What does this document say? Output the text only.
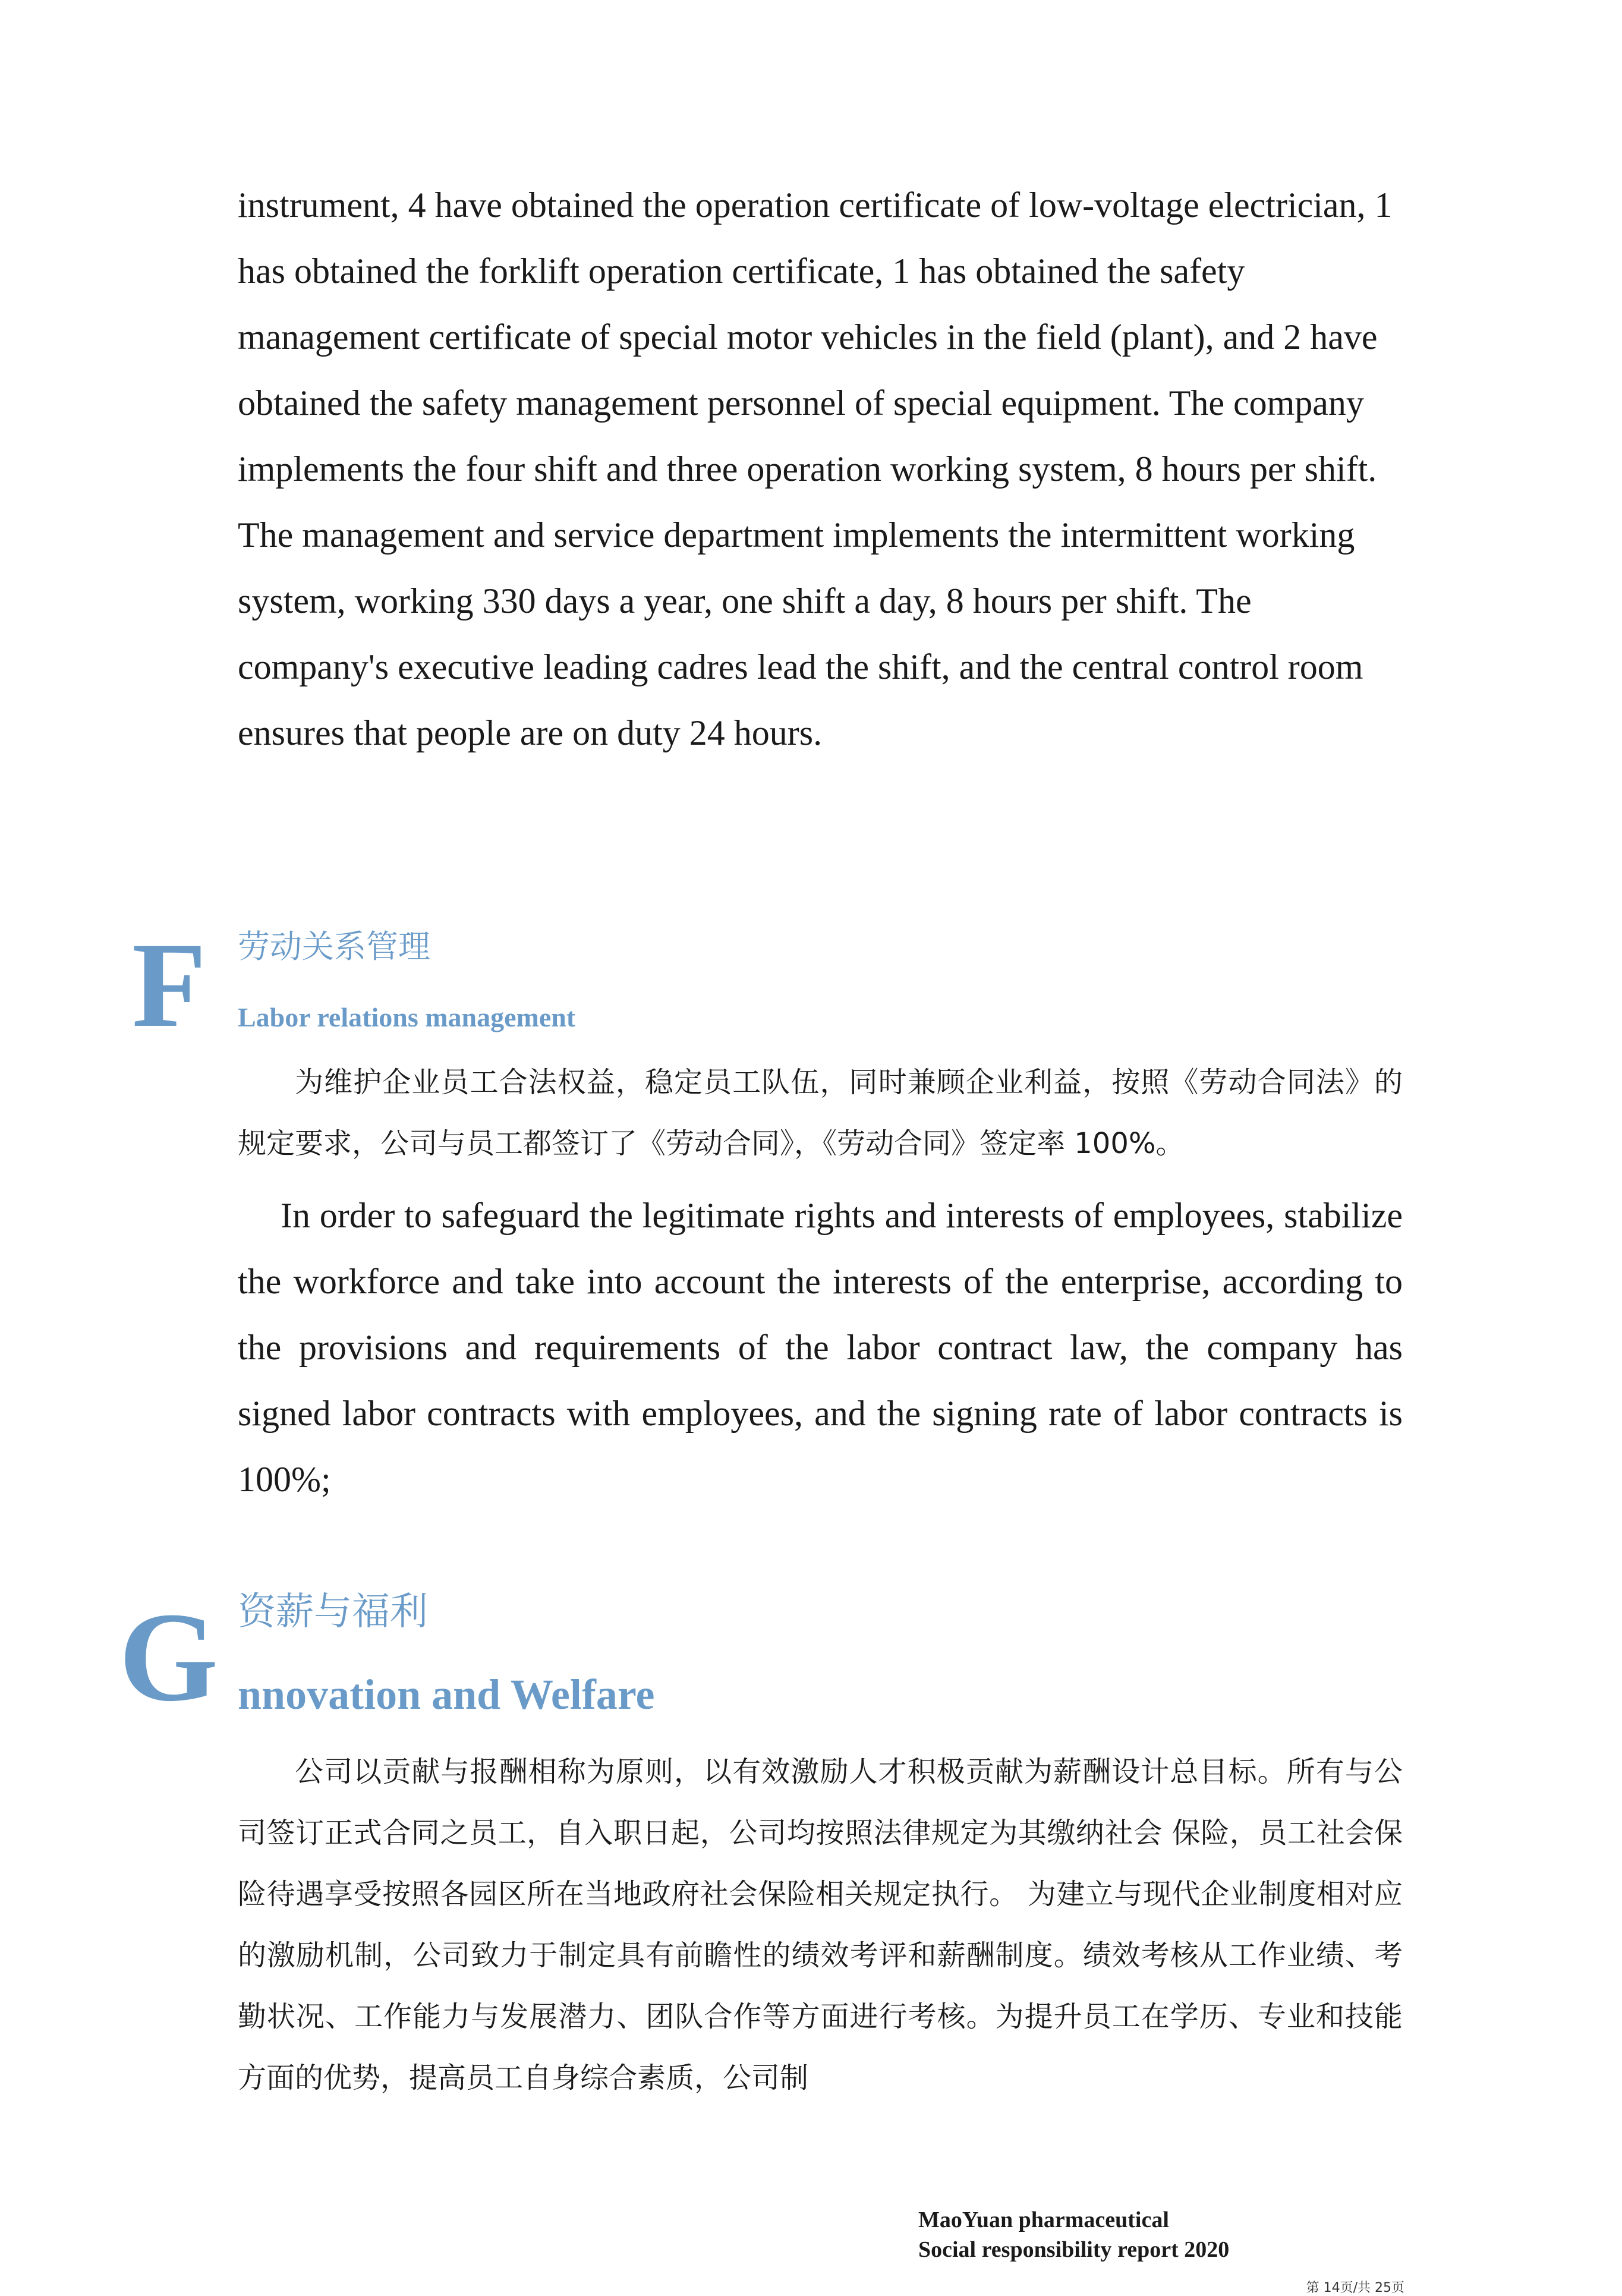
instrument, 4 have obtained the operation certificate of low-voltage electrician, 1 has obtained the forklift operation certificate, 1 has obtained the safety management certificate of special motor vehicles in the field (plant), and 2 have obtained the safety management personnel of special equipment. The company implements the four shift and three operation working system, 8 hours per shift. The management and service department implements the intermittent working system, working 330 days a year, one shift a day, 8 hours per shift. The company's executive leading cadres lead the shift, and the central control room ensures that people are on duty 24 hours.

F 劳动关系管理
Labor relations management

为维护企业员工合法权益，稳定员工队伍，同时兼顾企业利益，按照《劳动合同法》的规定要求，公司与员工都签订了《劳动合同》，《劳动合同》签定率 100%。

In order to safeguard the legitimate rights and interests of employees, stabilize the workforce and take into account the interests of the enterprise, according to the provisions and requirements of the labor contract law, the company has signed labor contracts with employees, and the signing rate of labor contracts is 100%;

G 资薪与福利
nnovation and Welfare

公司以贡献与报酬相称为原则，以有效激励人才积极贡献为薪酬设计总目标。所有与公司签订正式合同之员工，自入职日起，公司均按照法律规定为其缴纳社会 保险，员工社会保险待遇享受按照各园区所在当地政府社会保险相关规定执行。 为建立与现代企业制度相对应的激励机制，公司致力于制定具有前瞻性的绩效考评和薪酬制度。绩效考核从工作业绩、考勤状况、工作能力与发展潜力、团队合作等方面进行考核。为提升员工在学历、专业和技能方面的优势，提高员工自身综合素质，公司制

MaoYuan pharmaceutical
Social responsibility report 2020
第 14页/共 25页
